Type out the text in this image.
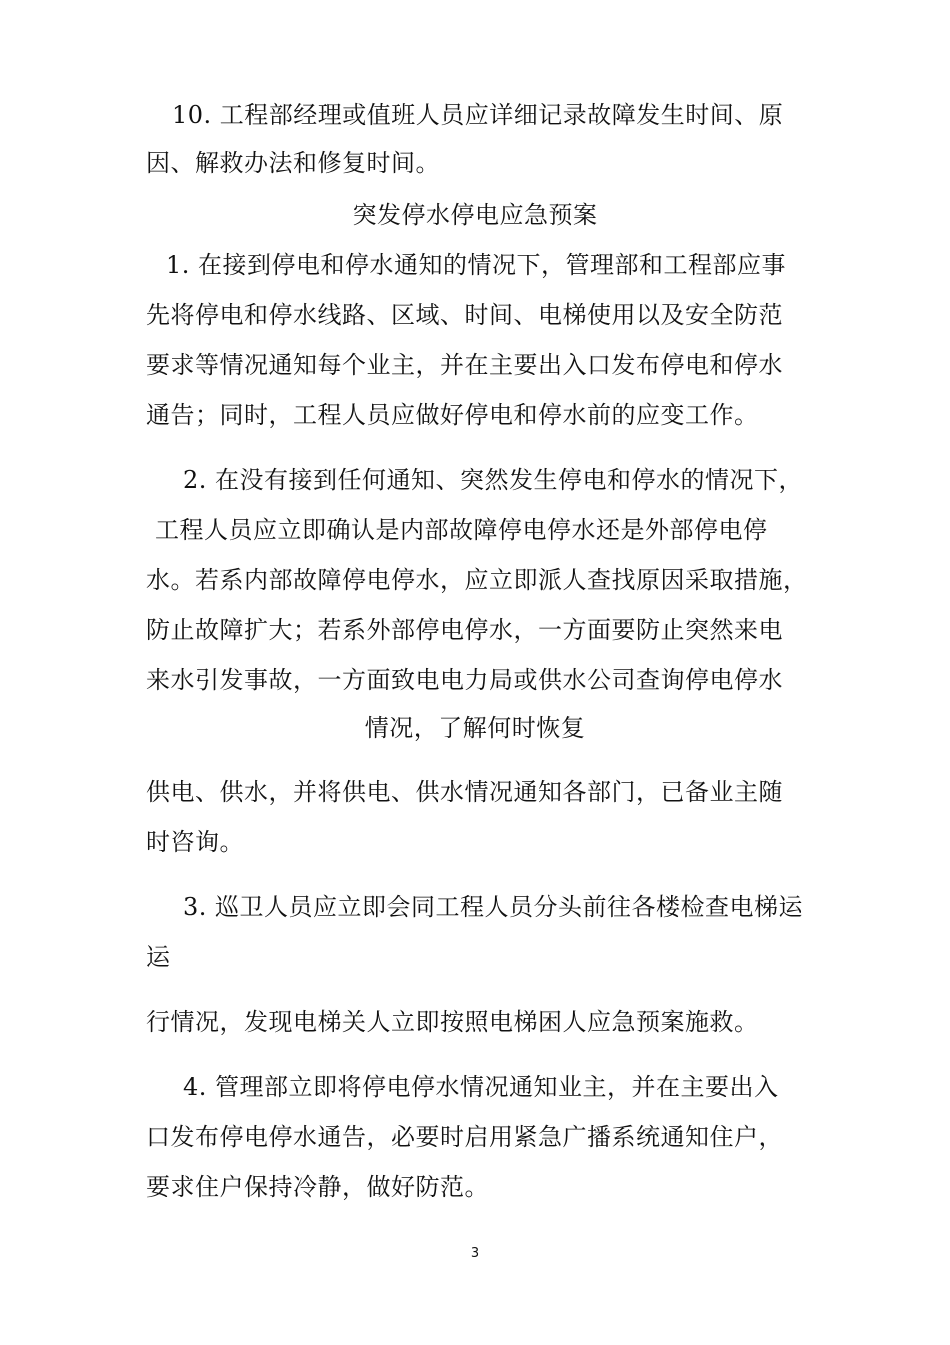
10. 工程部经理或值班人员应详细记录故障发生时间、原
因、解救办法和修复时间。
突发停水停电应急预案
1. 在接到停电和停水通知的情况下，管理部和工程部应事
先将停电和停水线路、区域、时间、电梯使用以及安全防范
要求等情况通知每个业主，并在主要出入口发布停电和停水
通告；同时，工程人员应做好停电和停水前的应变工作。
2. 在没有接到任何通知、突然发生停电和停水的情况下，
工程人员应立即确认是内部故障停电停水还是外部停电停
水。若系内部故障停电停水，应立即派人查找原因采取措施，
防止故障扩大；若系外部停电停水，一方面要防止突然来电
来水引发事故，一方面致电电力局或供水公司查询停电停水
情况，了解何时恢复
供电、供水，并将供电、供水情况通知各部门，已备业主随
时咨询。
3. 巡卫人员应立即会同工程人员分头前往各楼检查电梯运
运
行情况，发现电梯关人立即按照电梯困人应急预案施救。
4. 管理部立即将停电停水情况通知业主，并在主要出入
口发布停电停水通告，必要时启用紧急广播系统通知住户，
要求住户保持冷静，做好防范。
3
